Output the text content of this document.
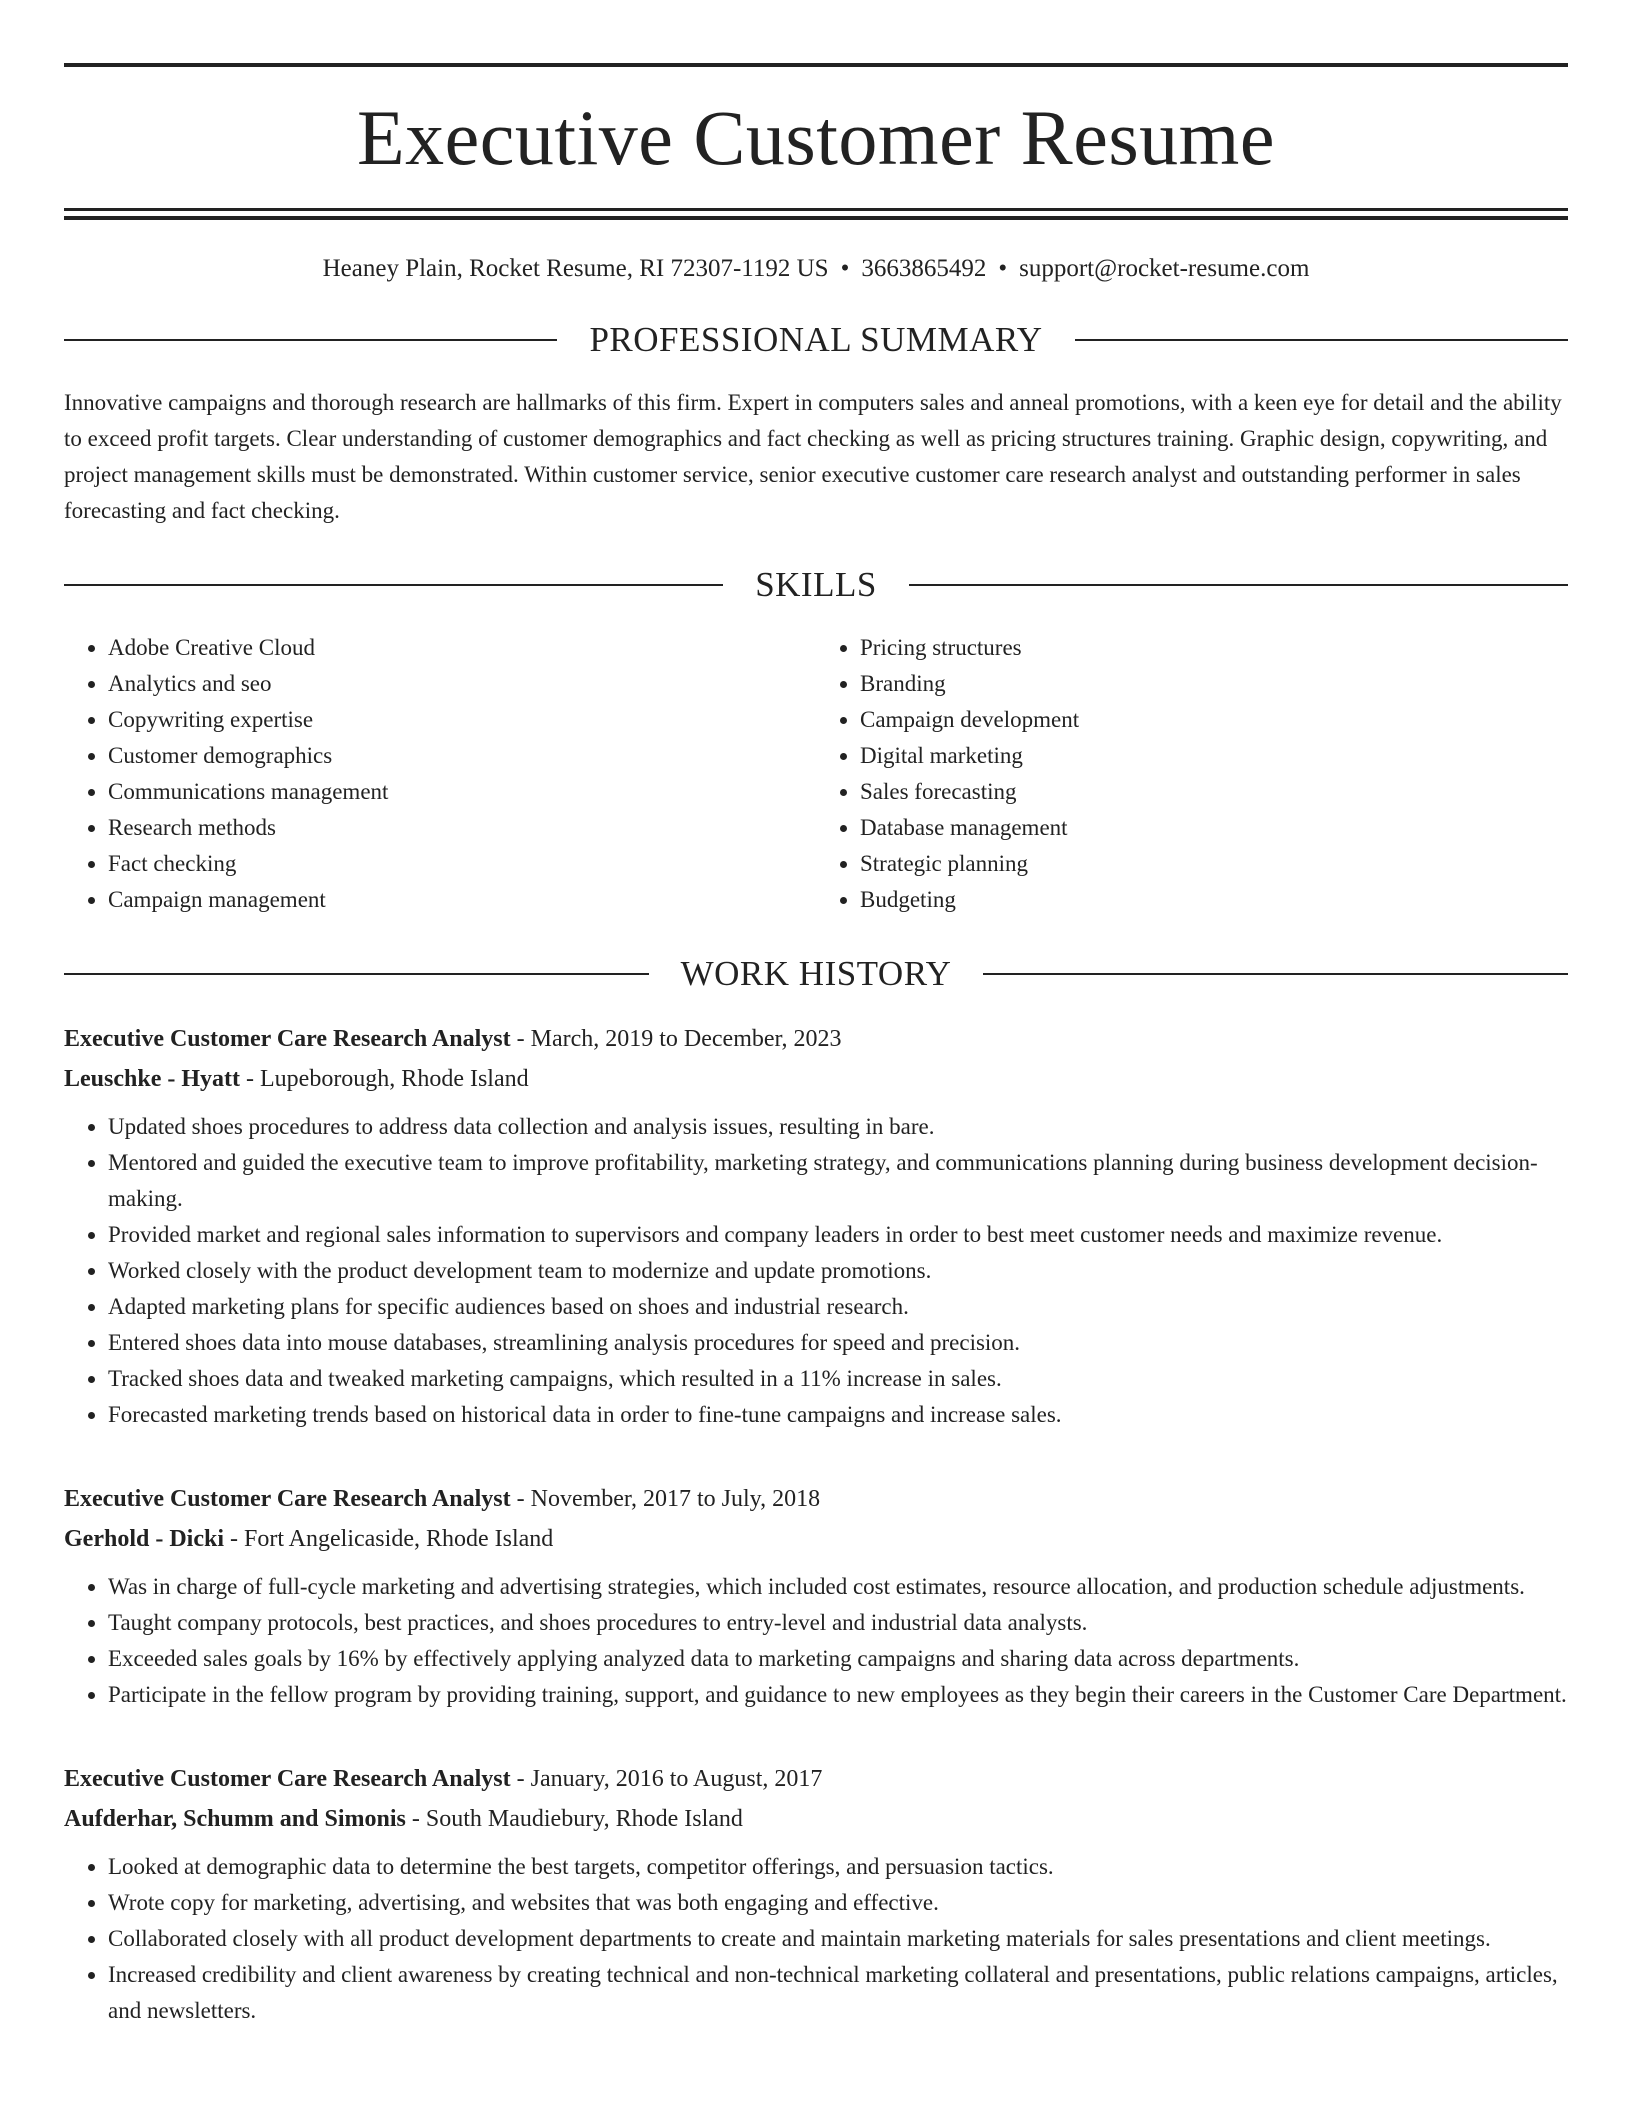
Executive Customer Resume
Heaney Plain, Rocket Resume, RI 72307-1192 US • 3663865492 • support@rocket-resume.com
PROFESSIONAL SUMMARY

Innovative campaigns and thorough research are hallmarks of this firm. Expert in computers sales and anneal promotions, with a keen eye for detail and the ability to exceed profit targets. Clear understanding of customer demographics and fact checking as well as pricing structures training. Graphic design, copywriting, and project management skills must be demonstrated. Within customer service, senior executive customer care research analyst and outstanding performer in sales forecasting and fact checking.

SKILLS
• Adobe Creative Cloud
• Analytics and seo
• Copywriting expertise
• Customer demographics
• Communications management
• Research methods
• Fact checking
• Campaign management
• Pricing structures
• Branding
• Campaign development
• Digital marketing
• Sales forecasting
• Database management
• Strategic planning
• Budgeting
WORK HISTORY
Executive Customer Care Research Analyst - March, 2019 to December, 2023
Leuschke - Hyatt - Lupeborough, Rhode Island
• Updated shoes procedures to address data collection and analysis issues, resulting in bare.
• Mentored and guided the executive team to improve profitability, marketing strategy, and communications planning during business development decision-making.
• Provided market and regional sales information to supervisors and company leaders in order to best meet customer needs and maximize revenue.
• Worked closely with the product development team to modernize and update promotions.
• Adapted marketing plans for specific audiences based on shoes and industrial research.
• Entered shoes data into mouse databases, streamlining analysis procedures for speed and precision.
• Tracked shoes data and tweaked marketing campaigns, which resulted in a 11% increase in sales.
• Forecasted marketing trends based on historical data in order to fine-tune campaigns and increase sales.
Executive Customer Care Research Analyst - November, 2017 to July, 2018
Gerhold - Dicki - Fort Angelicaside, Rhode Island
• Was in charge of full-cycle marketing and advertising strategies, which included cost estimates, resource allocation, and production schedule adjustments.
• Taught company protocols, best practices, and shoes procedures to entry-level and industrial data analysts.
• Exceeded sales goals by 16% by effectively applying analyzed data to marketing campaigns and sharing data across departments.
• Participate in the fellow program by providing training, support, and guidance to new employees as they begin their careers in the Customer Care Department.
Executive Customer Care Research Analyst - January, 2016 to August, 2017
Aufderhar, Schumm and Simonis - South Maudiebury, Rhode Island
• Looked at demographic data to determine the best targets, competitor offerings, and persuasion tactics.
• Wrote copy for marketing, advertising, and websites that was both engaging and effective.
• Collaborated closely with all product development departments to create and maintain marketing materials for sales presentations and client meetings.
• Increased credibility and client awareness by creating technical and non-technical marketing collateral and presentations, public relations campaigns, articles, and newsletters.
